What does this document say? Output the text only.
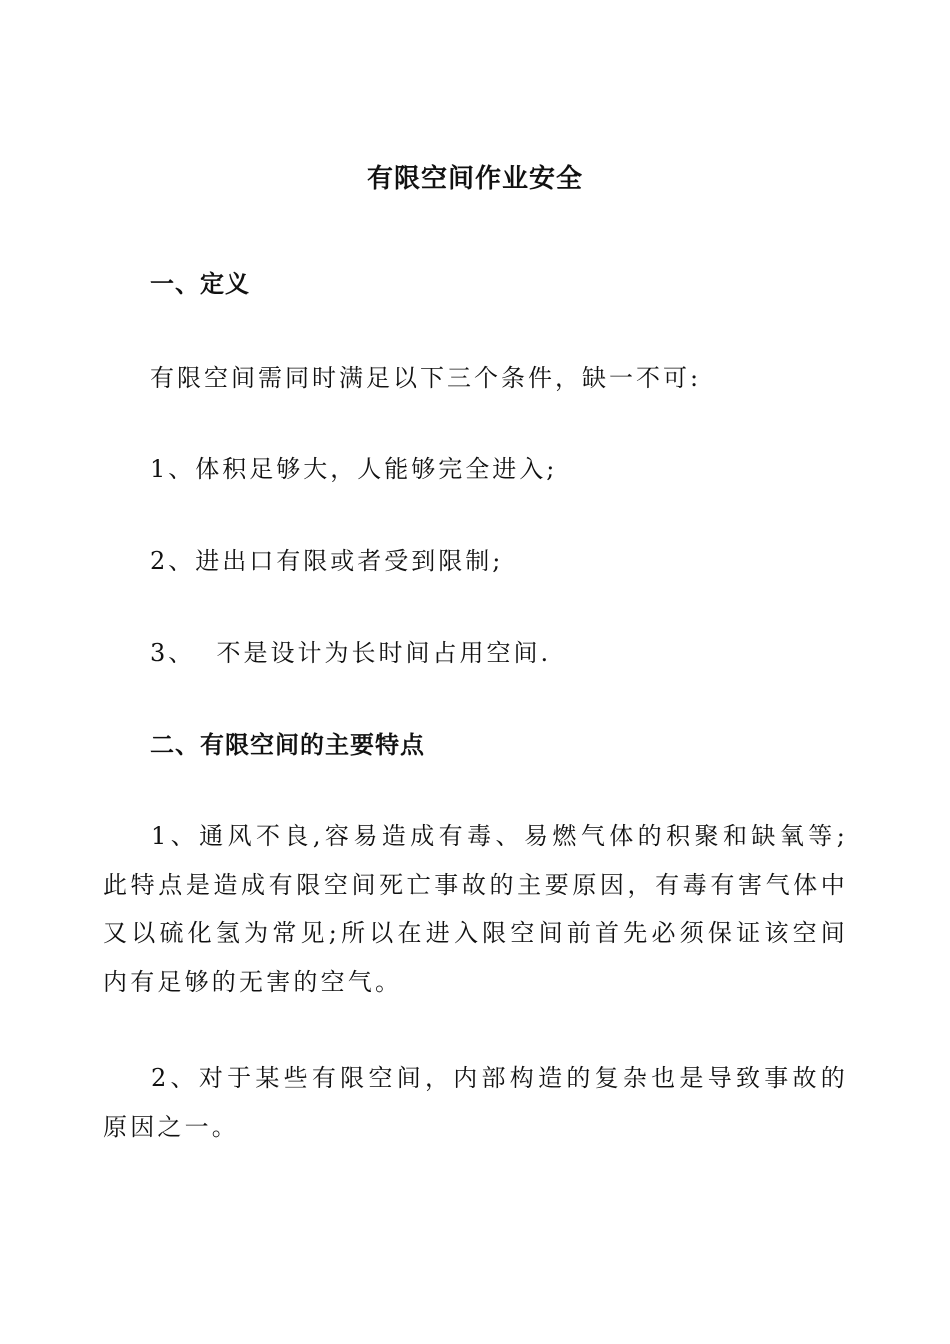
有限空间作业安全
一、定义
有限空间需同时满足以下三个条件，缺一不可:
1、体积足够大，人能够完全进入;
2、进出口有限或者受到限制;
3、  不是设计为长时间占用空间.
二、有限空间的主要特点
1、通风不良,容易造成有毒、易燃气体的积聚和缺氧等; 此特点是造成有限空间死亡事故的主要原因，有毒有害气体中又以硫化氢为常见;所以在进入限空间前首先必须保证该空间内有足够的无害的空气。
2、对于某些有限空间，内部构造的复杂也是导致事故的原因之一。
